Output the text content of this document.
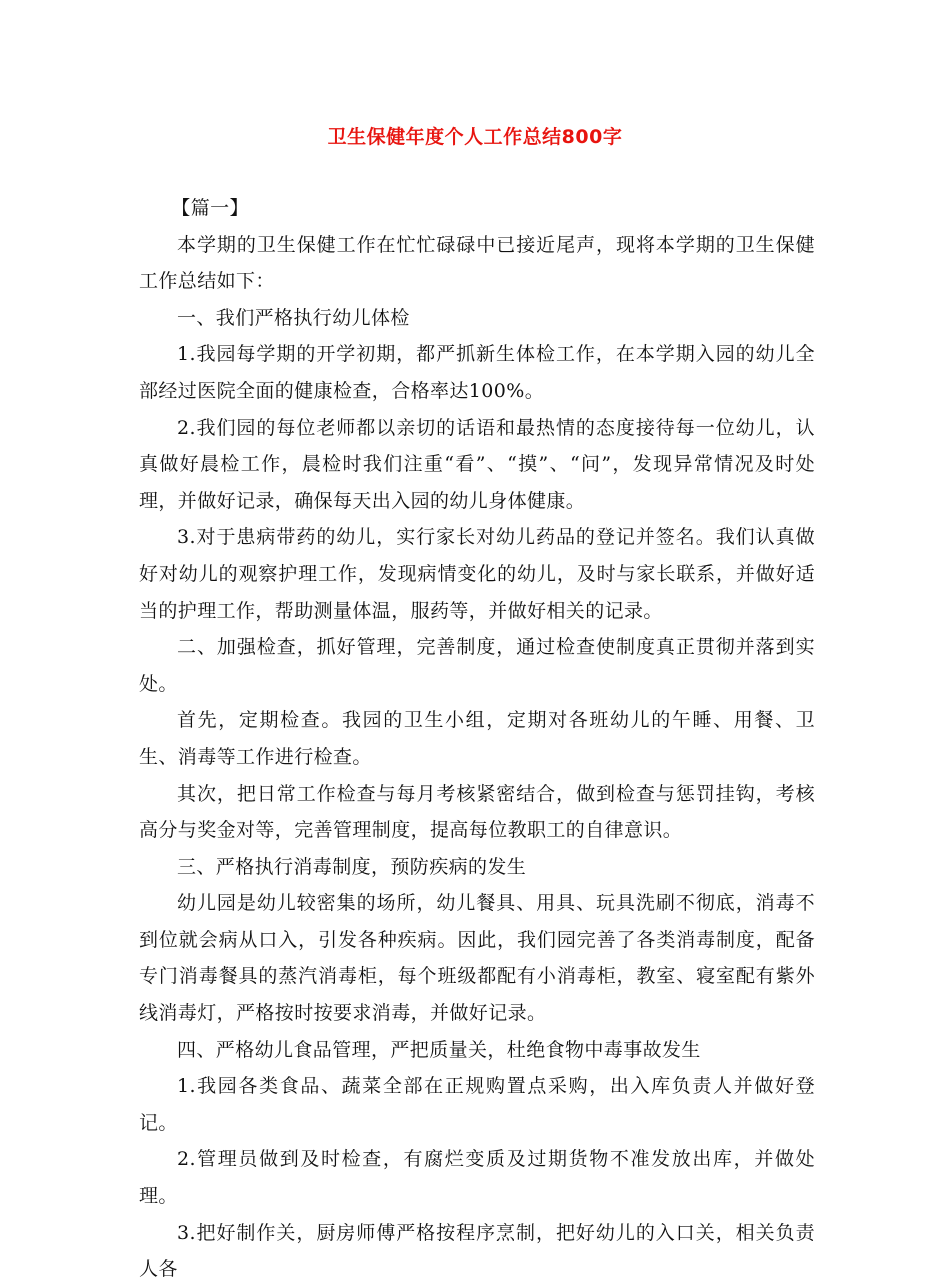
卫生保健年度个人工作总结800字

【篇一】

本学期的卫生保健工作在忙忙碌碌中已接近尾声，现将本学期的卫生保健工作总结如下：

一、我们严格执行幼儿体检

1.我园每学期的开学初期，都严抓新生体检工作，在本学期入园的幼儿全部经过医院全面的健康检查，合格率达100%。

2.我们园的每位老师都以亲切的话语和最热情的态度接待每一位幼儿，认真做好晨检工作，晨检时我们注重“看”、“摸”、“问”，发现异常情况及时处理，并做好记录，确保每天出入园的幼儿身体健康。

3.对于患病带药的幼儿，实行家长对幼儿药品的登记并签名。我们认真做好对幼儿的观察护理工作，发现病情变化的幼儿，及时与家长联系，并做好适当的护理工作，帮助测量体温，服药等，并做好相关的记录。

二、加强检查，抓好管理，完善制度，通过检查使制度真正贯彻并落到实处。

首先，定期检查。我园的卫生小组，定期对各班幼儿的午睡、用餐、卫生、消毒等工作进行检查。

其次，把日常工作检查与每月考核紧密结合，做到检查与惩罚挂钩，考核高分与奖金对等，完善管理制度，提高每位教职工的自律意识。

三、严格执行消毒制度，预防疾病的发生

幼儿园是幼儿较密集的场所，幼儿餐具、用具、玩具洗刷不彻底，消毒不到位就会病从口入，引发各种疾病。因此，我们园完善了各类消毒制度，配备专门消毒餐具的蒸汽消毒柜，每个班级都配有小消毒柜，教室、寝室配有紫外线消毒灯，严格按时按要求消毒，并做好记录。

四、严格幼儿食品管理，严把质量关，杜绝食物中毒事故发生

1.我园各类食品、蔬菜全部在正规购置点采购，出入库负责人并做好登记。

2.管理员做到及时检查，有腐烂变质及过期货物不准发放出库，并做处理。

3.把好制作关，厨房师傅严格按程序烹制，把好幼儿的入口关，相关负责人各
